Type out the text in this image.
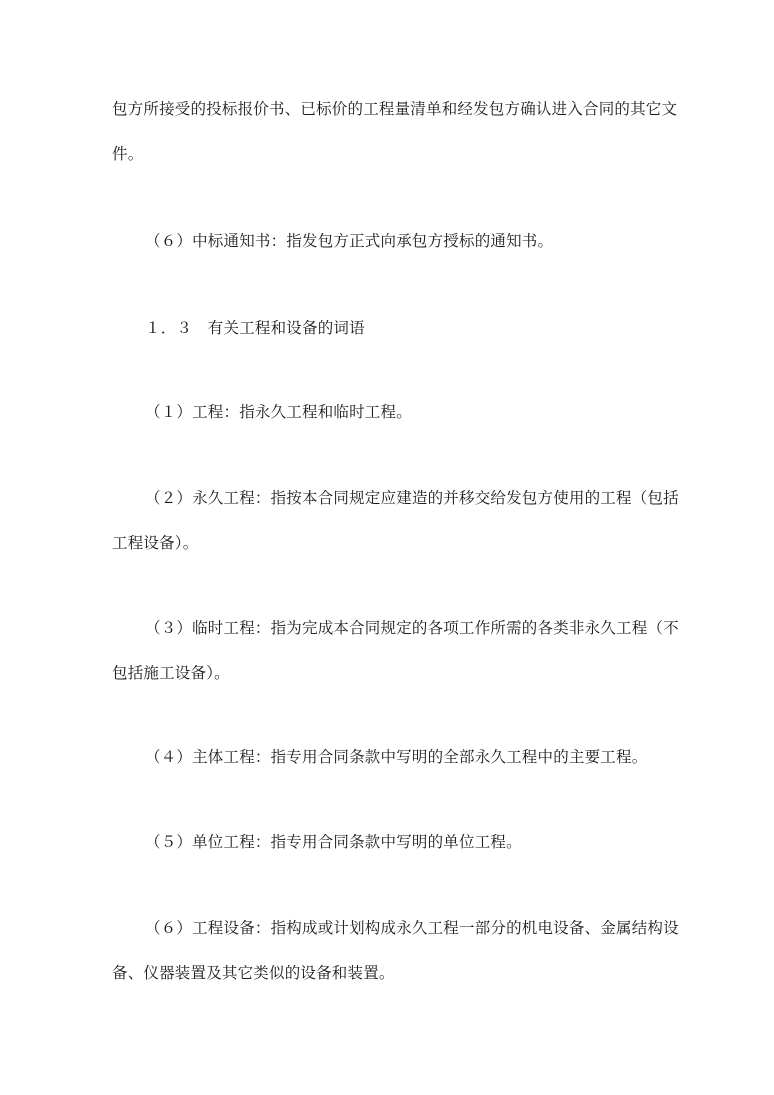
包方所接受的投标报价书、已标价的工程量清单和经发包方确认进入合同的其它文
件。
（６）中标通知书：指发包方正式向承包方授标的通知书。
１．３　有关工程和设备的词语
（１）工程：指永久工程和临时工程。
（２）永久工程：指按本合同规定应建造的并移交给发包方使用的工程（包括
工程设备）。
（３）临时工程：指为完成本合同规定的各项工作所需的各类非永久工程（不
包括施工设备）。
（４）主体工程：指专用合同条款中写明的全部永久工程中的主要工程。
（５）单位工程：指专用合同条款中写明的单位工程。
（６）工程设备：指构成或计划构成永久工程一部分的机电设备、金属结构设
备、仪器装置及其它类似的设备和装置。
